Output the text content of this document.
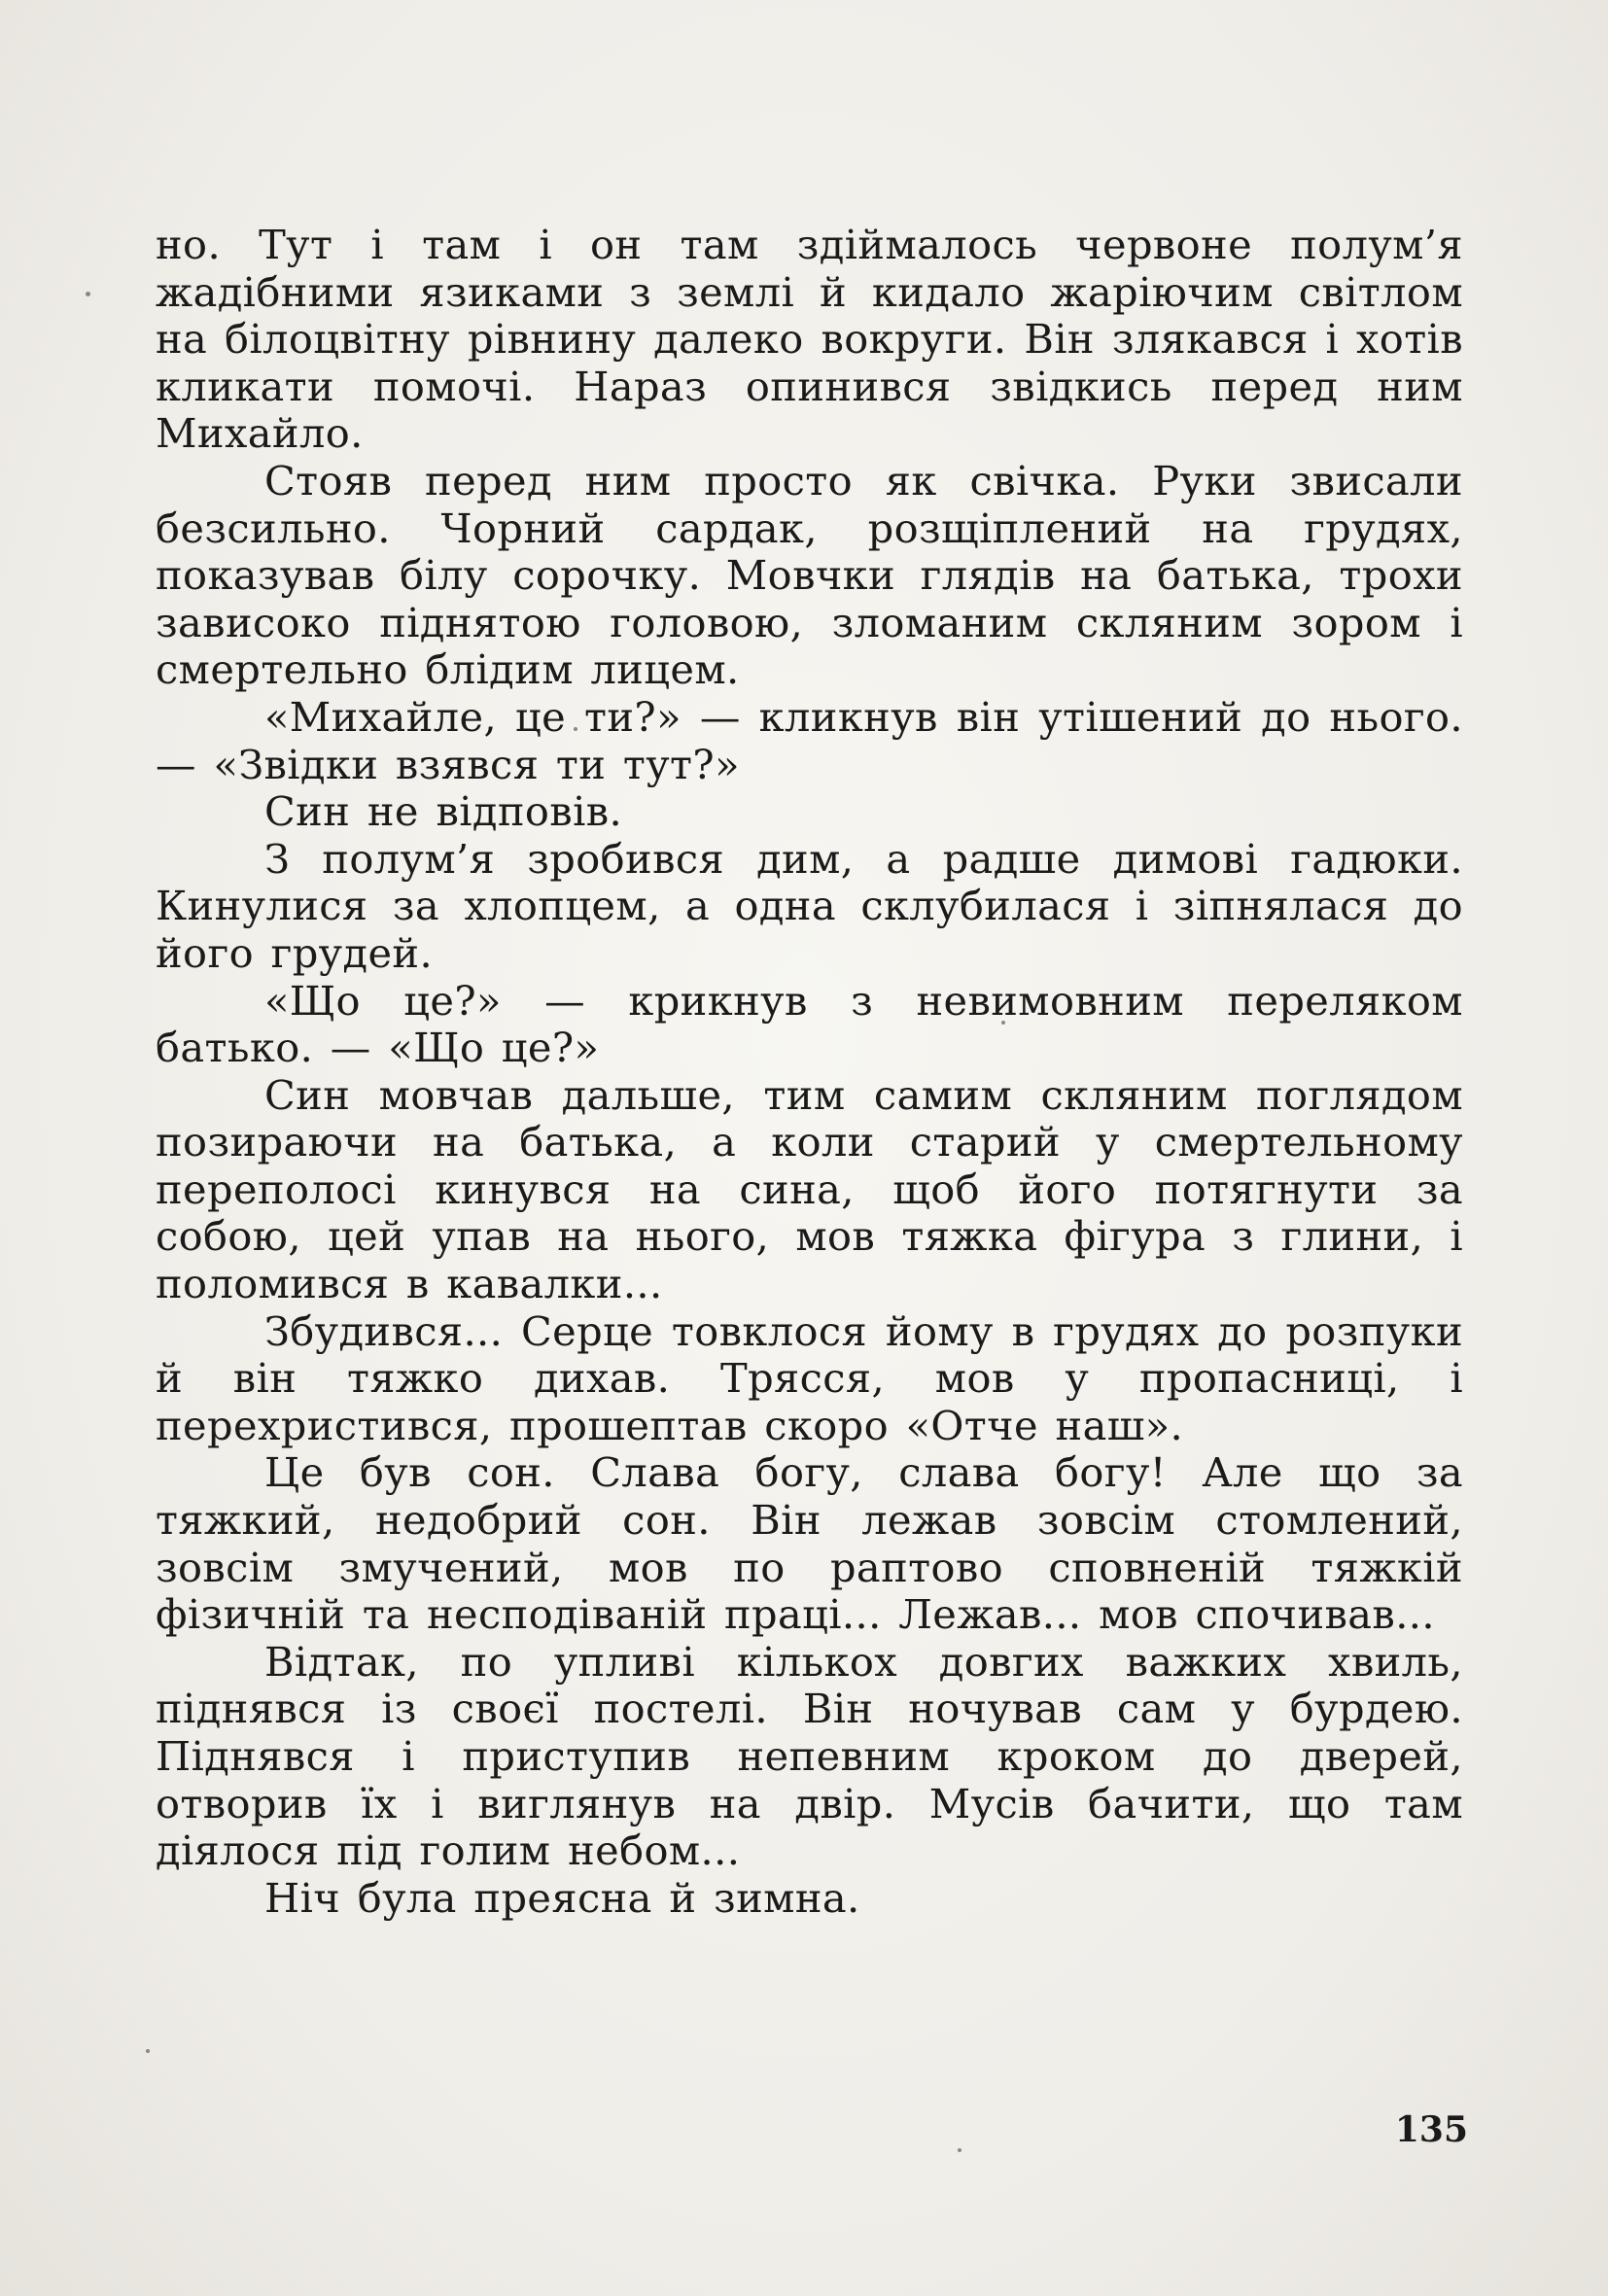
но. Тут і там і он там здіймалось червоне полум’я жадібними язиками з землі й кидало жаріючим світлом на білоцвітну рівнину далеко вокруги. Він злякався і хотів кликати помочі. Нараз опинився звідкись перед ним Михайло.

Стояв перед ним просто як свічка. Руки звисали безсильно. Чорний сардак, розщіплений на грудях, показував білу сорочку. Мовчки глядів на батька, трохи зависоко піднятою головою, зломаним скляним зором і смертельно блідим лицем.

«Михайле, це ти?» — кликнув він утішений до нього. — «Звідки взявся ти тут?»

Син не відповів.

З полум’я зробився дим, а радше димові гадюки. Кинулися за хлопцем, а одна склубилася і зіпнялася до його грудей.

«Що це?» — крикнув з невимовним переляком батько. — «Що це?»

Син мовчав дальше, тим самим скляним поглядом позираючи на батька, а коли старий у смертельному переполосі кинувся на сина, щоб його потягнути за собою, цей упав на нього, мов тяжка фігура з глини, і поломився в кавалки...

Збудився... Серце товклося йому в грудях до розпуки й він тяжко дихав. Трясся, мов у пропасниці, і перехристився, прошептав скоро «Отче наш».

Це був сон. Слава богу, слава богу! Але що за тяжкий, недобрий сон. Він лежав зовсім стомлений, зовсім змучений, мов по раптово сповненій тяжкій фізичній та несподіваній праці... Лежав... мов спочивав...

Відтак, по упливі кількох довгих важких хвиль, піднявся із своєї постелі. Він ночував сам у бурдею. Піднявся і приступив непевним кроком до дверей, отворив їх і виглянув на двір. Мусів бачити, що там діялося під голим небом...

Ніч була преясна й зимна.

135
